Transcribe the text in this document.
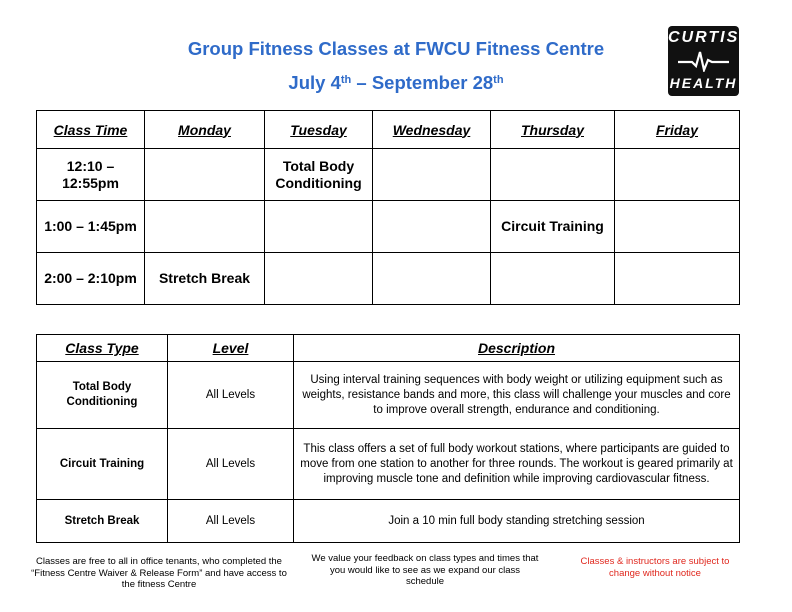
Group Fitness Classes at FWCU Fitness Centre
July 4th – September 28th
CURTIS
HEALTH
Class Time	Monday	Tuesday	Wednesday	Thursday	Friday
12:10 – 12:55pm		Total Body Conditioning			
1:00 – 1:45pm				Circuit Training	
2:00 – 2:10pm	Stretch Break				
Class Type	Level	Description
Total Body Conditioning	All Levels	Using interval training sequences with body weight or utilizing equipment such as weights, resistance bands and more, this class will challenge your muscles and core to improve overall strength, endurance and conditioning.
Circuit Training	All Levels	This class offers a set of full body workout stations, where participants are guided to move from one station to another for three rounds. The workout is geared primarily at improving muscle tone and definition while improving cardiovascular fitness.
Stretch Break	All Levels	Join a 10 min full body standing stretching session
Classes are free to all in office tenants, who completed the “Fitness Centre Waiver & Release Form” and have access to the fitness Centre
We value your feedback on class types and times that you would like to see as we expand our class schedule
Classes & instructors are subject to change without notice
